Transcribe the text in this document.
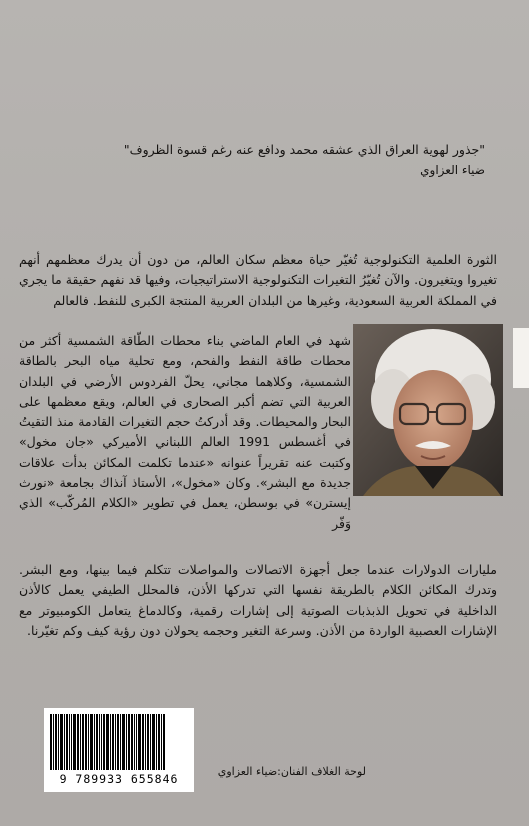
"جذور لهوية العراق الذي عشقه محمد ودافع عنه رغم قسوة الظروف"
ضياء العزاوي
الثورة العلمية التكنولوجية تُغيّر حياة معظم سكان العالم، من دون أن يدرك معظمهم أنهم تغيروا ويتغيرون. والآن تُغيّرُ التغيرات التكنولوجية الاستراتيجيات، وفيها قد نفهم حقيقة ما يجري في المملكة العربية السعودية، وغيرها من البلدان العربية المنتجة الكبرى للنفط. فالعالم
شهد في العام الماضي بناء محطات الطّاقة الشمسية أكثر من محطات طاقة النفط والفحم، ومع تحلية مياه البحر بالطاقة الشمسية، وكلاهما مجاني، يحلّ الفردوس الأرضي في البلدان العربية التي تضم أكبر الصحارى في العالم، ويقع معظمها على البحار والمحيطات. وقد أدركتُ حجم التغيرات القادمة منذ التقيتُ في أغسطس 1991 العالم اللبناني الأميركي «جان مخول» وكتبت عنه تقريراً عنوانه «عندما تكلمت المكائن بدأت علاقات جديدة مع البشر». وكان «مخول»، الأستاذ آنذاك بجامعة «نورث إيسترن» في بوسطن، يعمل في تطوير «الكلام المُركّب» الذي وَفّر
مليارات الدولارات عندما جعل أجهزة الاتصالات والمواصلات تتكلم فيما بينها، ومع البشر. وتدرك المكائن الكلام بالطريقة نفسها التي تدركها الأذن، فالمحلل الطيفي يعمل كالأذن الداخلية في تحويل الذبذبات الصوتية إلى إشارات رقمية، وكالدماغ يتعامل الكومبيوتر مع الإشارات العصبية الواردة من الأذن. وسرعة التغير وحجمه يحولان دون رؤية كيف وكم تغيّرنا.
9 789933 655846
لوحة الغلاف الفنان:ضياء العزاوي
